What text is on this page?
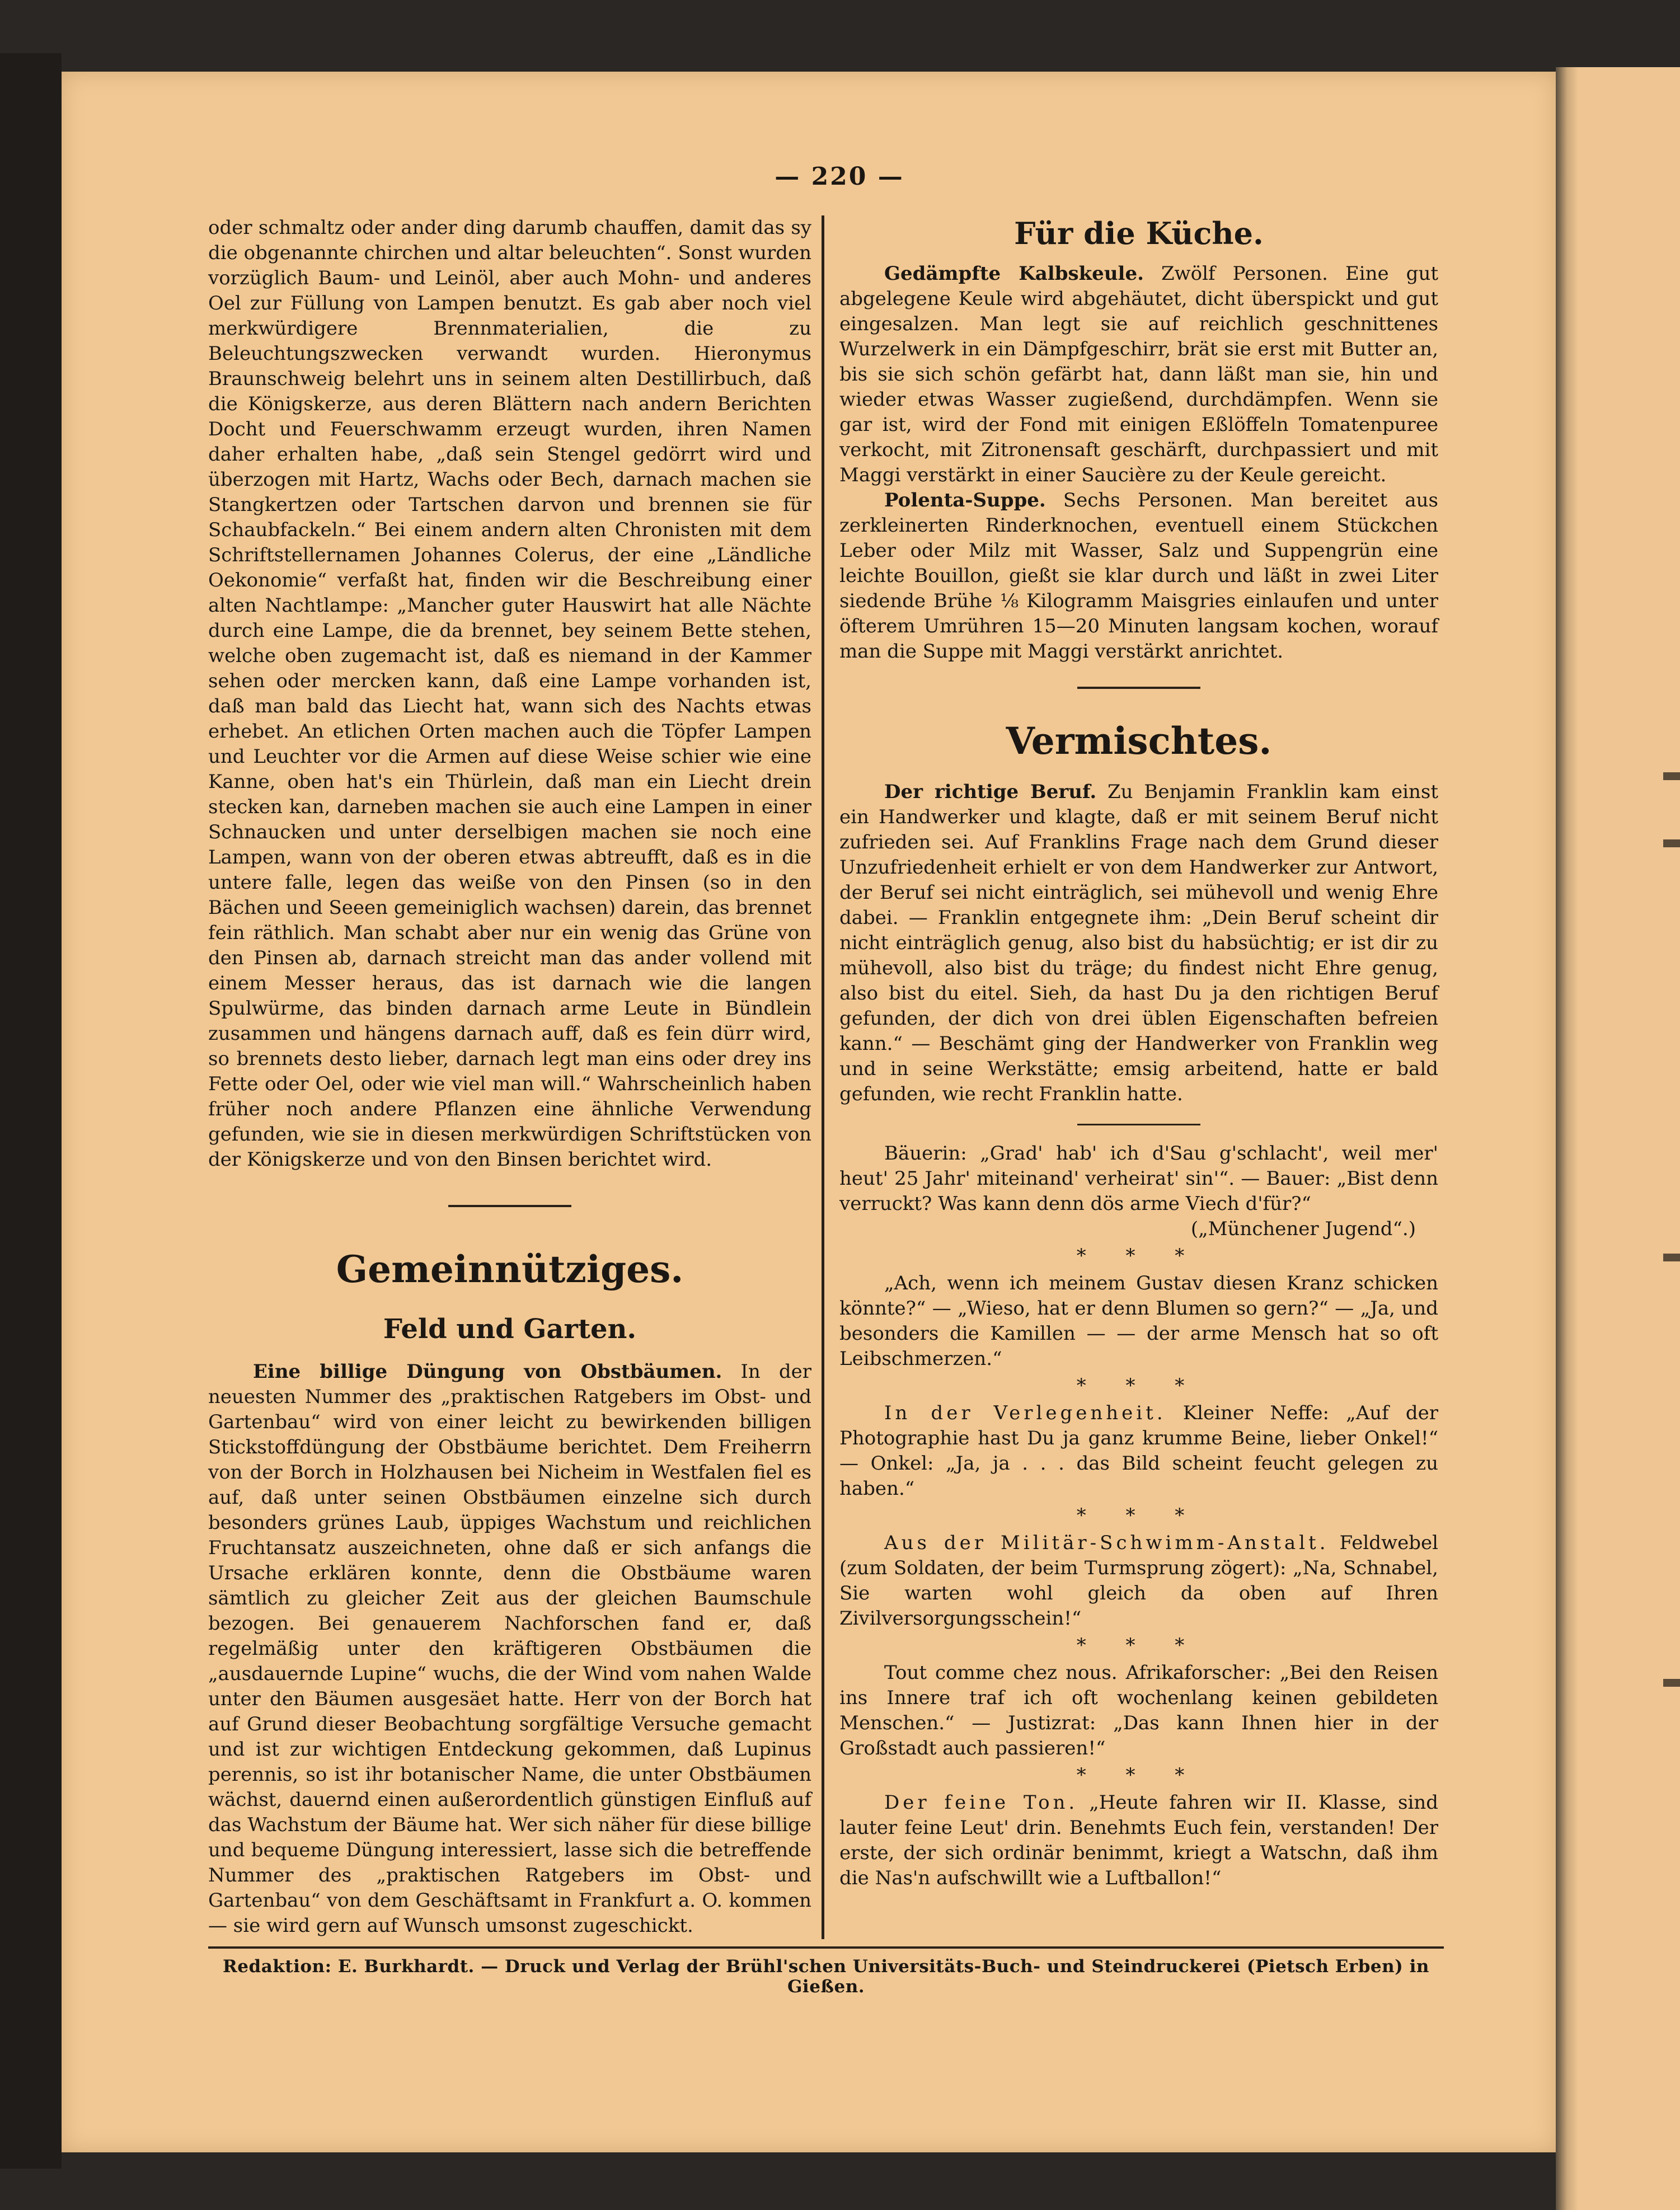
— 220 —

oder schmaltz oder ander ding darumb chauffen, damit das sy die obgenannte chirchen und altar beleuchten“. Sonst wurden vorzüglich Baum- und Leinöl, aber auch Mohn- und anderes Oel zur Füllung von Lampen benutzt. Es gab aber noch viel merkwürdigere Brennmaterialien, die zu Beleuchtungszwecken verwandt wurden. Hieronymus Braunschweig belehrt uns in seinem alten Destillirbuch, daß die Königskerze, aus deren Blättern nach andern Berichten Docht und Feuerschwamm erzeugt wurden, ihren Namen daher erhalten habe, „daß sein Stengel gedörrt wird und überzogen mit Hartz, Wachs oder Bech, darnach machen sie Stangkertzen oder Tartschen darvon und brennen sie für Schaubfackeln.“ Bei einem andern alten Chronisten mit dem Schriftstellernamen Johannes Colerus, der eine „Ländliche Oekonomie“ verfaßt hat, finden wir die Beschreibung einer alten Nachtlampe: „Mancher guter Hauswirt hat alle Nächte durch eine Lampe, die da brennet, bey seinem Bette stehen, welche oben zugemacht ist, daß es niemand in der Kammer sehen oder mercken kann, daß eine Lampe vorhanden ist, daß man bald das Liecht hat, wann sich des Nachts etwas erhebet. An etlichen Orten machen auch die Töpfer Lampen und Leuchter vor die Armen auf diese Weise schier wie eine Kanne, oben hat's ein Thürlein, daß man ein Liecht drein stecken kan, darneben machen sie auch eine Lampen in einer Schnaucken und unter derselbigen machen sie noch eine Lampen, wann von der oberen etwas abtreufft, daß es in die untere falle, legen das weiße von den Pinsen (so in den Bächen und Seeen gemeiniglich wachsen) darein, das brennet fein räthlich. Man schabt aber nur ein wenig das Grüne von den Pinsen ab, darnach streicht man das ander vollend mit einem Messer heraus, das ist darnach wie die langen Spulwürme, das binden darnach arme Leute in Bündlein zusammen und hängens darnach auff, daß es fein dürr wird, so brennets desto lieber, darnach legt man eins oder drey ins Fette oder Oel, oder wie viel man will.“ Wahrscheinlich haben früher noch andere Pflanzen eine ähnliche Verwendung gefunden, wie sie in diesen merkwürdigen Schriftstücken von der Königskerze und von den Binsen berichtet wird.

Gemeinnütziges.
Feld und Garten.

Eine billige Düngung von Obstbäumen. In der neuesten Nummer des „praktischen Ratgebers im Obst- und Gartenbau“ wird von einer leicht zu bewirkenden billigen Stickstoffdüngung der Obstbäume berichtet. Dem Freiherrn von der Borch in Holzhausen bei Nicheim in Westfalen fiel es auf, daß unter seinen Obstbäumen einzelne sich durch besonders grünes Laub, üppiges Wachstum und reichlichen Fruchtansatz auszeichneten, ohne daß er sich anfangs die Ursache erklären konnte, denn die Obstbäume waren sämtlich zu gleicher Zeit aus der gleichen Baumschule bezogen. Bei genauerem Nachforschen fand er, daß regelmäßig unter den kräftigeren Obstbäumen die „ausdauernde Lupine“ wuchs, die der Wind vom nahen Walde unter den Bäumen ausgesäet hatte. Herr von der Borch hat auf Grund dieser Beobachtung sorgfältige Versuche gemacht und ist zur wichtigen Entdeckung gekommen, daß Lupinus perennis, so ist ihr botanischer Name, die unter Obstbäumen wächst, dauernd einen außerordentlich günstigen Einfluß auf das Wachstum der Bäume hat. Wer sich näher für diese billige und bequeme Düngung interessiert, lasse sich die betreffende Nummer des „praktischen Ratgebers im Obst- und Gartenbau“ von dem Geschäftsamt in Frankfurt a. O. kommen — sie wird gern auf Wunsch umsonst zugeschickt.

Für die Küche.

Gedämpfte Kalbskeule. Zwölf Personen. Eine gut abgelegene Keule wird abgehäutet, dicht überspickt und gut eingesalzen. Man legt sie auf reichlich geschnittenes Wurzelwerk in ein Dämpfgeschirr, brät sie erst mit Butter an, bis sie sich schön gefärbt hat, dann läßt man sie, hin und wieder etwas Wasser zugießend, durchdämpfen. Wenn sie gar ist, wird der Fond mit einigen Eßlöffeln Tomatenpuree verkocht, mit Zitronensaft geschärft, durchpassiert und mit Maggi verstärkt in einer Saucière zu der Keule gereicht.

Polenta-Suppe. Sechs Personen. Man bereitet aus zerkleinerten Rinderknochen, eventuell einem Stückchen Leber oder Milz mit Wasser, Salz und Suppengrün eine leichte Bouillon, gießt sie klar durch und läßt in zwei Liter siedende Brühe ⅛ Kilogramm Maisgries einlaufen und unter öfterem Umrühren 15—20 Minuten langsam kochen, worauf man die Suppe mit Maggi verstärkt anrichtet.

Vermischtes.

Der richtige Beruf. Zu Benjamin Franklin kam einst ein Handwerker und klagte, daß er mit seinem Beruf nicht zufrieden sei. Auf Franklins Frage nach dem Grund dieser Unzufriedenheit erhielt er von dem Handwerker zur Antwort, der Beruf sei nicht einträglich, sei mühevoll und wenig Ehre dabei. — Franklin entgegnete ihm: „Dein Beruf scheint dir nicht einträglich genug, also bist du habsüchtig; er ist dir zu mühevoll, also bist du träge; du findest nicht Ehre genug, also bist du eitel. Sieh, da hast Du ja den richtigen Beruf gefunden, der dich von drei üblen Eigenschaften befreien kann.“ — Beschämt ging der Handwerker von Franklin weg und in seine Werkstätte; emsig arbeitend, hatte er bald gefunden, wie recht Franklin hatte.

Bäuerin: „Grad' hab' ich d'Sau g'schlacht', weil mer' heut' 25 Jahr' miteinand' verheirat' sin'“. — Bauer: „Bist denn verruckt? Was kann denn dös arme Viech d'für?“

(„Münchener Jugend“.)
* * *

„Ach, wenn ich meinem Gustav diesen Kranz schicken könnte?“ — „Wieso, hat er denn Blumen so gern?“ — „Ja, und besonders die Kamillen — — der arme Mensch hat so oft Leibschmerzen.“

* * *

In der Verlegenheit. Kleiner Neffe: „Auf der Photographie hast Du ja ganz krumme Beine, lieber Onkel!“ — Onkel: „Ja, ja . . . das Bild scheint feucht gelegen zu haben.“

* * *

Aus der Militär-Schwimm-Anstalt. Feldwebel (zum Soldaten, der beim Turmsprung zögert): „Na, Schnabel, Sie warten wohl gleich da oben auf Ihren Zivilversorgungsschein!“

* * *

Tout comme chez nous. Afrikaforscher: „Bei den Reisen ins Innere traf ich oft wochenlang keinen gebildeten Menschen.“ — Justizrat: „Das kann Ihnen hier in der Großstadt auch passieren!“

* * *

Der feine Ton. „Heute fahren wir II. Klasse, sind lauter feine Leut' drin. Benehmts Euch fein, verstanden! Der erste, der sich ordinär benimmt, kriegt a Watschn, daß ihm die Nas'n aufschwillt wie a Luftballon!“

Redaktion: E. Burkhardt. — Druck und Verlag der Brühl'schen Universitäts-Buch- und Steindruckerei (Pietsch Erben) in Gießen.
